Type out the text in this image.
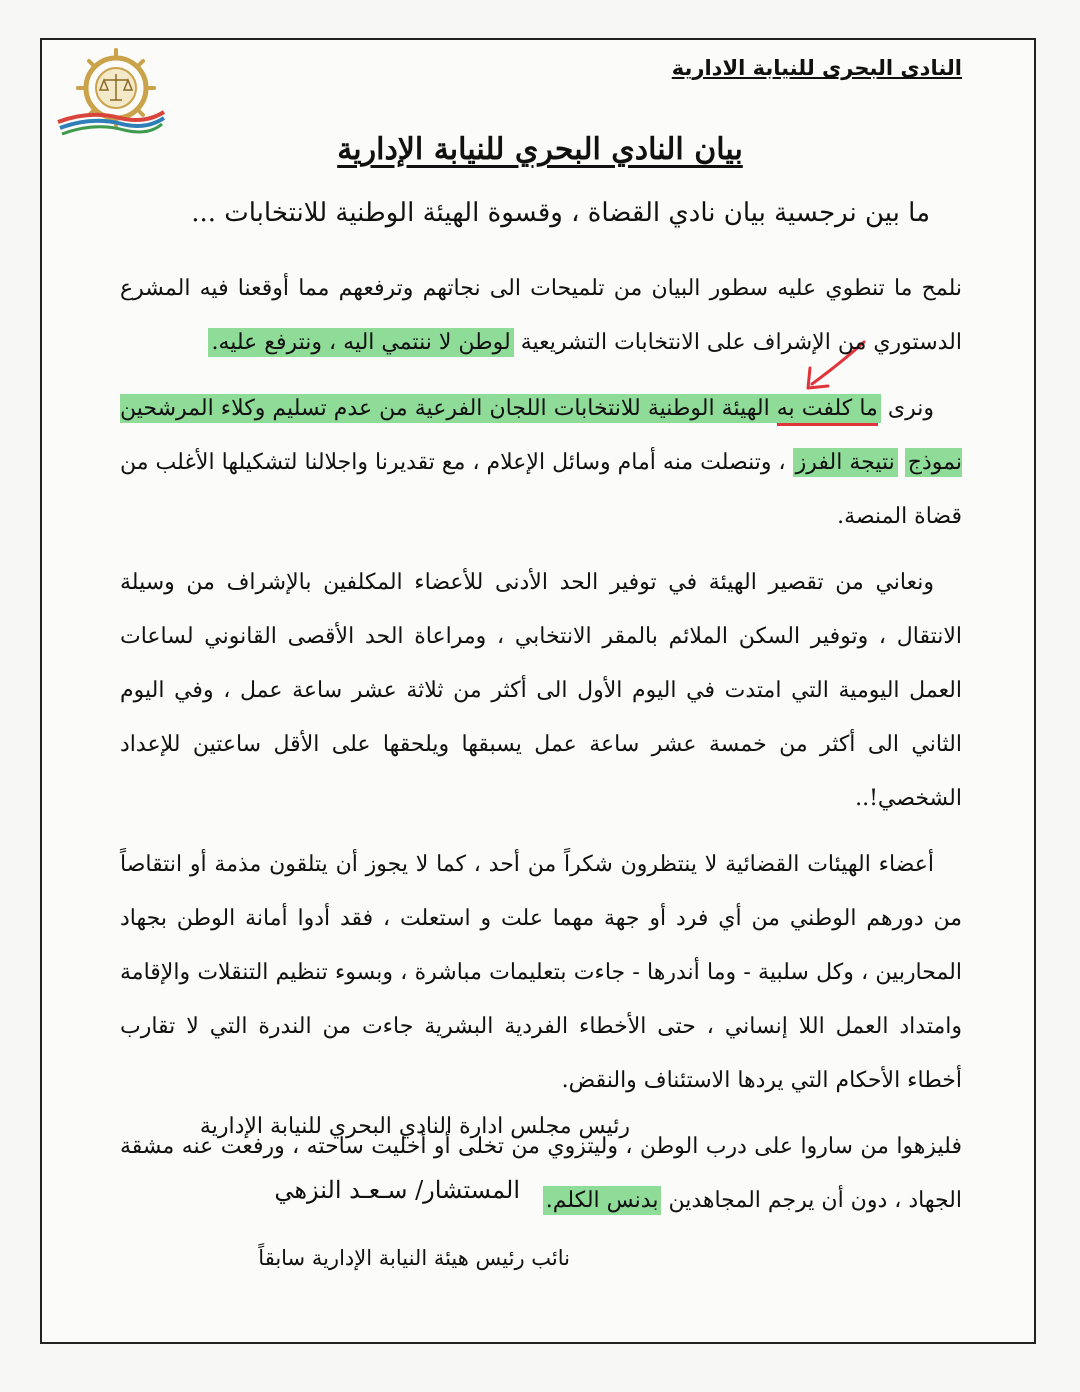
النادى البحرى للنيابة الادارية
بيان النادي البحري للنيابة الإدارية
ما بين نرجسية بيان نادي القضاة ، وقسوة الهيئة الوطنية للانتخابات ...

نلمح ما تنطوي عليه سطور البيان من تلميحات الى نجاتهم وترفعهم مما أوقعنا فيه المشرع الدستوري من الإشراف على الانتخابات التشريعية لوطن لا ننتمي اليه ، ونترفع عليه.

ونرى ما كلفت به الهيئة الوطنية للانتخابات اللجان الفرعية من عدم تسليم وكلاء المرشحين نموذج نتيجة الفرز ، وتنصلت منه أمام وسائل الإعلام ، مع تقديرنا واجلالنا لتشكيلها الأغلب من قضاة المنصة.

ونعاني من تقصير الهيئة في توفير الحد الأدنى للأعضاء المكلفين بالإشراف من وسيلة الانتقال ، وتوفير السكن الملائم بالمقر الانتخابي ، ومراعاة الحد الأقصى القانوني لساعات العمل اليومية التي امتدت في اليوم الأول الى أكثر من ثلاثة عشر ساعة عمل ، وفي اليوم الثاني الى أكثر من خمسة عشر ساعة عمل يسبقها ويلحقها على الأقل ساعتين للإعداد الشخصي!..

أعضاء الهيئات القضائية لا ينتظرون شكراً من أحد ، كما لا يجوز أن يتلقون مذمة أو انتقاصاً من دورهم الوطني من أي فرد أو جهة مهما علت و استعلت ، فقد أدوا أمانة الوطن بجهاد المحاربين ، وكل سلبية - وما أندرها - جاءت بتعليمات مباشرة ، وبسوء تنظيم التنقلات والإقامة وامتداد العمل اللا إنساني ، حتى الأخطاء الفردية البشرية جاءت من الندرة التي لا تقارب أخطاء الأحكام التي يردها الاستئناف والنقض.

فليزهوا من ساروا على درب الوطن ، وليتزوي من تخلى أو أخليت ساحته ، ورفعت عنه مشقة الجهاد ، دون أن يرجم المجاهدين بدنس الكلم.

رئيس مجلس ادارة النادي البحري للنيابة الإدارية
المستشار/ سـعـد النزهي
نائب رئيس هيئة النيابة الإدارية سابقاً
